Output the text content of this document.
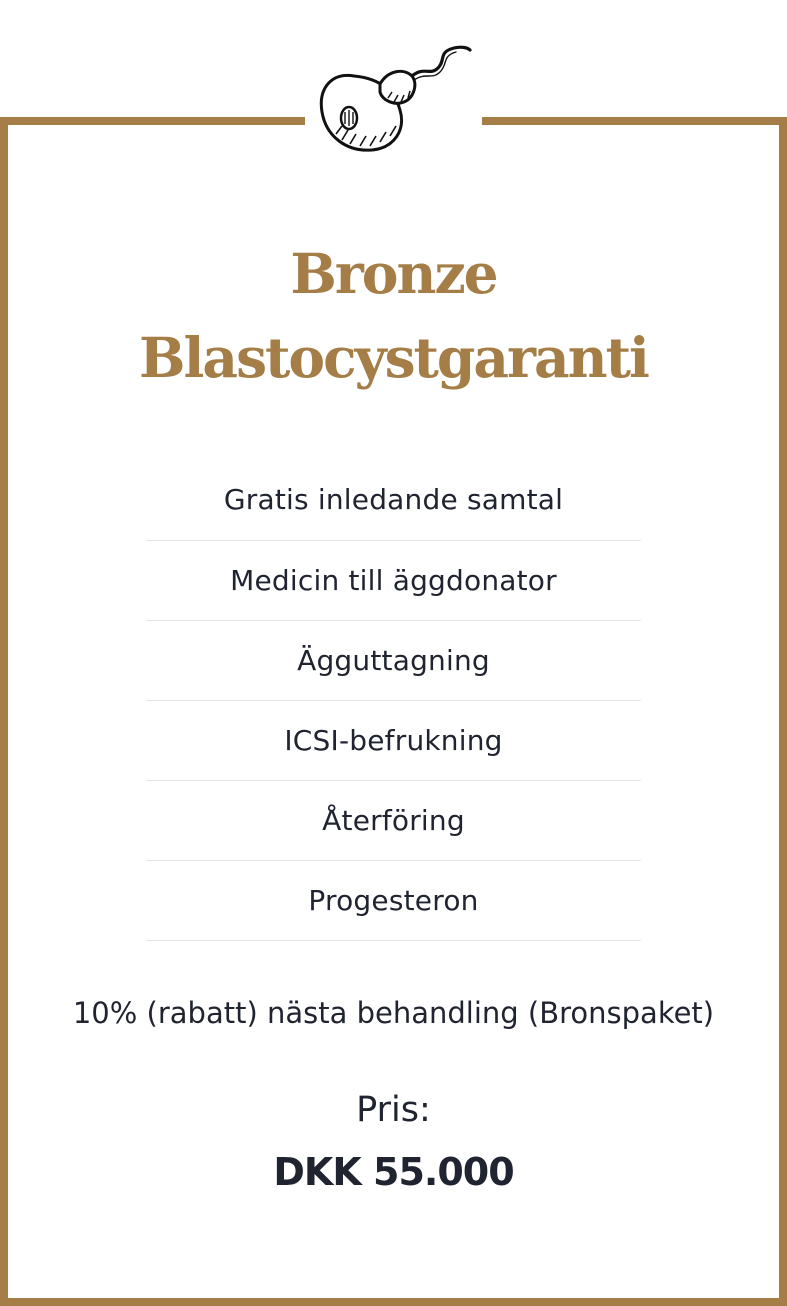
Bronze
Blastocystgaranti
Gratis inledande samtal
Medicin till äggdonator
Ägguttagning
ICSI-befrukning
Återföring
Progesteron
10% (rabatt) nästa behandling (Bronspaket)
Pris:
DKK 55.000
